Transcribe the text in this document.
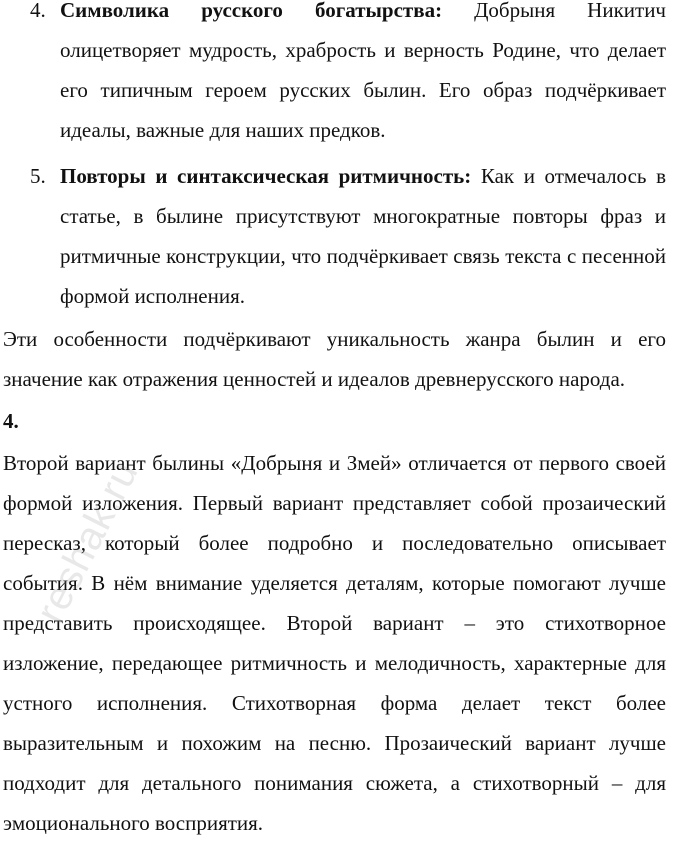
4. Символика русского богатырства: Добрыня Никитич олицетворяет мудрость, храбрость и верность Родине, что делает его типичным героем русских былин. Его образ подчёркивает идеалы, важные для наших предков.
5. Повторы и синтаксическая ритмичность: Как и отмечалось в статье, в былине присутствуют многократные повторы фраз и ритмичные конструкции, что подчёркивает связь текста с песенной формой исполнения.

Эти особенности подчёркивают уникальность жанра былин и его значение как отражения ценностей и идеалов древнерусского народа.

4.

Второй вариант былины «Добрыня и Змей» отличается от первого своей формой изложения. Первый вариант представляет собой прозаический пересказ, который более подробно и последовательно описывает события. В нём внимание уделяется деталям, которые помогают лучше представить происходящее. Второй вариант – это стихотворное изложение, передающее ритмичность и мелодичность, характерные для устного исполнения. Стихотворная форма делает текст более выразительным и похожим на песню. Прозаический вариант лучше подходит для детального понимания сюжета, а стихотворный – для эмоционального восприятия.

reshak.ru
